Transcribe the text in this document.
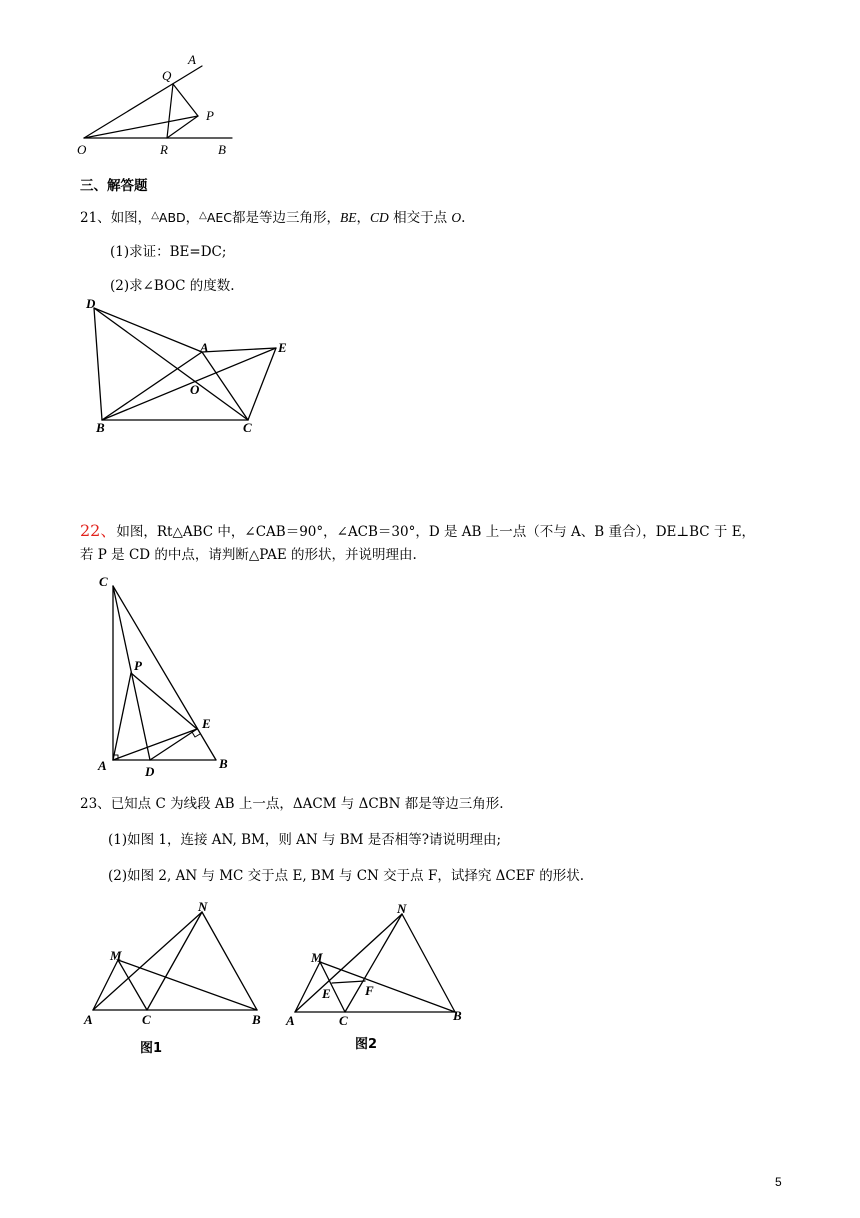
O	R	B
Q
A
P
三、解答题
21、如图，△ABD，△AEC都是等边三角形，BE，CD 相交于点 O.
(1)求证：BE=DC;
(2)求∠BOC 的度数.
D
A	E
O
B	C
22、如图，Rt△ABC 中，∠CAB＝90°，∠ACB＝30°，D 是 AB 上一点（不与 A、B 重合），DE⊥BC 于 E，
若 P 是 CD 的中点，请判断△PAE 的形状，并说明理由.
C
P
E
A	D
B
23、已知点 C 为线段 AB 上一点，ΔACM 与 ΔCBN 都是等边三角形.
(1)如图 1，连接 AN, BM，则 AN 与 BM 是否相等?请说明理由;
(2)如图 2, AN 与 MC 交于点 E, BM 与 CN 交于点 F，试择究 ΔCEF 的形状.
N
M
A	C	B
图1
N
M
E	F
A	C	B
图2
5
